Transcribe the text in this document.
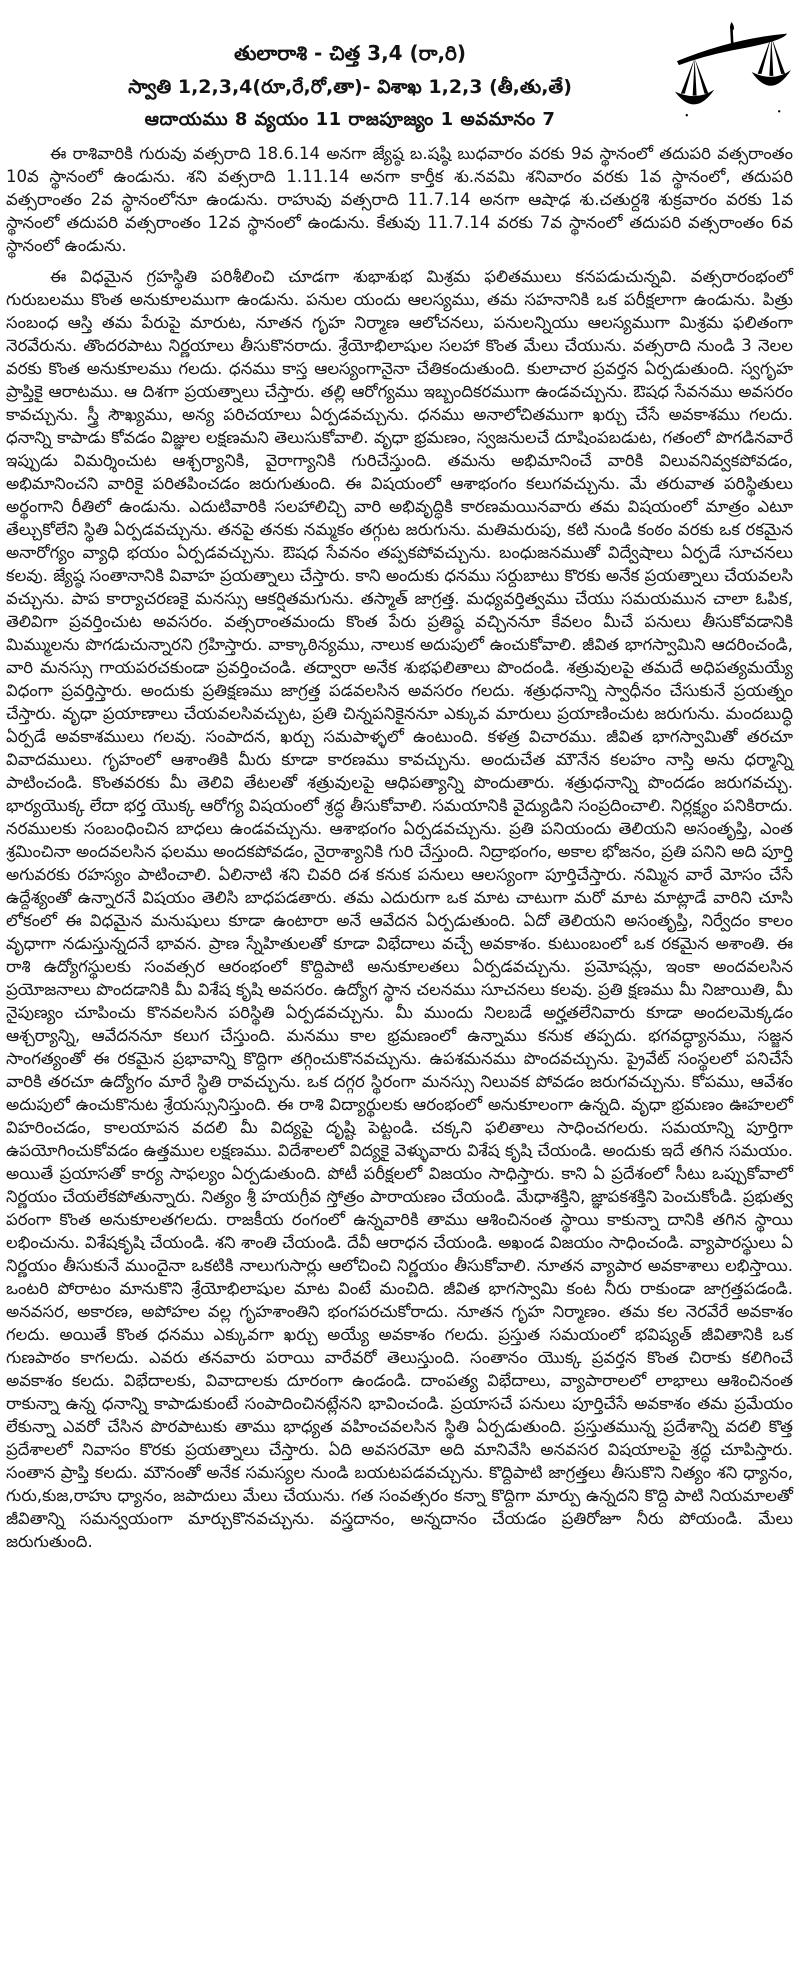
తులారాశి - చిత్త 3,4 (రా,రి)
స్వాతి 1,2,3,4(రూ,రే,రో,తా)- విశాఖ 1,2,3 (తీ,తు,తే)
ఆదాయము 8 వ్యయం 11 రాజపూజ్యం 1 అవమానం 7

ఈ రాశివారికి గురువు వత్సరాది 18.6.14 అనగా జ్యేష్ఠ బ.షష్ఠి బుధవారం వరకు 9వ స్థానంలో తదుపరి వత్సరాంతం 10వ స్థానంలో ఉండును. శని వత్సరాది 1.11.14 అనగా కార్తీక శు.నవమి శనివారం వరకు 1వ స్థానంలో, తదుపరి వత్సరాంతం 2వ స్థానంలోనూ ఉండును. రాహువు వత్సరాది 11.7.14 అనగా ఆషాఢ శు.చతుర్దశి శుక్రవారం వరకు 1వ స్థానంలో తదుపరి వత్సరాంతం 12వ స్థానంలో ఉండును. కేతువు 11.7.14 వరకు 7వ స్థానంలో తదుపరి వత్సరాంతం 6వ స్థానంలో ఉండును.

ఈ విధమైన గ్రహస్థితి పరిశీలించి చూడగా శుభాశుభ మిశ్రమ ఫలితములు కనపడుచున్నవి. వత్సరారంభంలో గురుబలము కొంత అనుకూలముగా ఉండును. పనుల యందు ఆలస్యము, తమ సహనానికి ఒక పరీక్షలాగా ఉండును. పిత్రు సంబంధ ఆస్తి తమ పేరుపై మారుట, నూతన గృహ నిర్మాణ ఆలోచనలు, పనులన్నియు ఆలస్యముగా మిశ్రమ ఫలితంగా నెరవేరును. తొందరపాటు నిర్ణయాలు తీసుకొనరాదు. శ్రేయోభిలాషుల సలహా కొంత మేలు చేయును. వత్సరాది నుండి 3 నెలల వరకు కొంత అనుకూలము గలదు. ధనము కాస్త ఆలస్యంగానైనా చేతికందుతుంది. కులాచార ప్రవర్తన ఏర్పడుతుంది. స్వగృహ ప్రాప్తికై ఆరాటము. ఆ దిశగా ప్రయత్నాలు చేస్తారు. తల్లి ఆరోగ్యము ఇబ్బందికరముగా ఉండవచ్చును. ఔషధ సేవనము అవసరం కావచ్చును. స్త్రీ సౌఖ్యము, అన్య పరిచయాలు ఏర్పడవచ్చును. ధనము అనాలోచితముగా ఖర్చు చేసే అవకాశము గలదు. ధనాన్ని కాపాడు కోవడం విజ్ఞుల లక్షణమని తెలుసుకోవాలి. వృధా భ్రమణం, స్వజనులచే దూషింపబడుట, గతంలో పొగడినవారే ఇప్పుడు విమర్శించుట ఆశ్చర్యానికి, వైరాగ్యానికి గురిచేస్తుంది. తమను అభిమానించే వారికి విలువనివ్వకపోవడం, అభిమానించని వారికై పరితపించడం జరుగుతుంది. ఈ విషయంలో ఆశాభంగం కలుగవచ్చును. మే తరువాత పరిస్థితులు అర్థంగాని రీతిలో ఉండును. ఎదుటివారికి సలహాలిచ్చి వారి అభివృద్ధికి కారణమయినవారు తమ విషయంలో మాత్రం ఎటూ తేల్చుకోలేని స్థితి ఏర్పడవచ్చును. తనపై తనకు నమ్మకం తగ్గుట జరుగును. మతిమరుపు, కటి నుండి కంఠం వరకు ఒక రకమైన అనారోగ్యం వ్యాధి భయం ఏర్పడవచ్చును. ఔషధ సేవనం తప్పకపోవచ్చును. బంధుజనముతో విద్వేషాలు ఏర్పడే సూచనలు కలవు. జ్యేష్ఠ సంతానానికి వివాహ ప్రయత్నాలు చేస్తారు. కాని అందుకు ధనము సర్దుబాటు కొరకు అనేక ప్రయత్నాలు చేయవలసి వచ్చును. పాప కార్యాచరణకై మనస్సు ఆకర్షితమగును. తస్మాత్ జాగ్రత్త. మధ్యవర్తిత్వము చేయు సమయమున చాలా ఓపిక, తెలివిగా ప్రవర్తించుట అవసరం. వత్సరాంతమందు కొంత పేరు ప్రతిష్ఠ వచ్చిననూ కేవలం మీచే పనులు తీసుకోవడానికి మిమ్ములను పొగడుచున్నారని గ్రహిస్తారు. వాక్కాఠిన్యము, నాలుక అదుపులో ఉంచుకోవాలి. జీవిత భాగస్వామిని ఆదరించండి, వారి మనస్సు గాయపరచకుండా ప్రవర్తించండి. తద్వారా అనేక శుభఫలితాలు పొందండి. శత్రువులపై తమదే అధిపత్యమయ్యే విధంగా ప్రవర్తిస్తారు. అందుకు ప్రతిక్షణము జాగ్రత్త పడవలసిన అవసరం గలదు. శత్రుధనాన్ని స్వాధీనం చేసుకునే ప్రయత్నం చేస్తారు. వృధా ప్రయాణాలు చేయవలసివచ్చుట, ప్రతి చిన్నపనికైననూ ఎక్కువ మారులు ప్రయాణించుట జరుగును. మందబుద్ధి ఏర్పడే అవకాశములు గలవు. సంపాదన, ఖర్చు సమపాళ్ళలో ఉంటుంది. కళత్ర విచారము. జీవిత భాగస్వామితో తరచూ వివాదములు. గృహంలో ఆశాంతికి మీరు కూడా కారణము కావచ్చును. అందుచేత మౌనేన కలహం నాస్తి అను ధర్మాన్ని పాటించండి. కొంతవరకు మీ తెలివి తేటలతో శత్రువులపై ఆధిపత్యాన్ని పొందుతారు. శత్రుధనాన్ని పొందడం జరుగవచ్చు. భార్యయొక్క లేదా భర్త యొక్క ఆరోగ్య విషయంలో శ్రద్ధ తీసుకోవాలి. సమయానికి వైద్యుడిని సంప్రదించాలి. నిర్లక్ష్యం పనికిరాదు. నరములకు సంబంధించిన బాధలు ఉండవచ్చును. ఆశాభంగం ఏర్పడవచ్చును. ప్రతి పనియందు తెలియని అసంతృప్తి, ఎంత శ్రమించినా అందవలసిన ఫలము అందకపోవడం, నైరాశ్యానికి గురి చేస్తుంది. నిద్రాభంగం, అకాల భోజనం, ప్రతి పనిని అది పూర్తి అగువరకు రహస్యం పాటించాలి. ఏలినాటి శని చివరి దశ కనుక పనులు ఆలస్యంగా పూర్తిచేస్తారు. నమ్మిన వారే మోసం చేసే ఉద్దేశ్యంతో ఉన్నారనే విషయం తెలిసి బాధపడతారు. తమ ఎదురుగా ఒక మాట చాటుగా మరో మాట మాట్లాడే వారిని చూసి లోకంలో ఈ విధమైన మనుషులు కూడా ఉంటారా అనే ఆవేదన ఏర్పడుతుంది. ఏదో తెలియని అసంతృప్తి, నిర్వేదం కాలం వృధాగా నడుస్తున్నదనే భావన. ప్రాణ స్నేహితులతో కూడా విభేదాలు వచ్చే అవకాశం. కుటుంబంలో ఒక రకమైన అశాంతి. ఈ రాశి ఉద్యోగస్థులకు సంవత్సర ఆరంభంలో కొద్దిపాటి అనుకూలతలు ఏర్పడవచ్చును. ప్రమోషన్లు, ఇంకా అందవలసిన ప్రయోజనాలు పొందడానికి మీ విశేష కృషి అవసరం. ఉద్యోగ స్థాన చలనము సూచనలు కలవు. ప్రతి క్షణము మీ నిజాయితి, మీ నైపుణ్యం చూపించు కొనవలసిన పరిస్థితి ఏర్పడవచ్చును. మీ ముందు నిలబడే అర్హతలేనివారు కూడా అందలమెక్కడం ఆశ్చర్యాన్ని, ఆవేదననూ కలుగ చేస్తుంది. మనము కాల భ్రమణంలో ఉన్నాము కనుక తప్పదు. భగవద్ధ్యానము, సజ్జన సాంగత్యంతో ఈ రకమైన ప్రభావాన్ని కొద్దిగా తగ్గించుకొనవచ్చును. ఉపశమనము పొందవచ్చును. ప్రైవేట్ సంస్థలలో పనిచేసే వారికి తరచూ ఉద్యోగం మారే స్థితి రావచ్చును. ఒక దగ్గర స్థిరంగా మనస్సు నిలువక పోవడం జరుగవచ్చును. కోపము, ఆవేశం అదుపులో ఉంచుకొనుట శ్రేయస్సునిస్తుంది. ఈ రాశి విద్యార్థులకు ఆరంభంలో అనుకూలంగా ఉన్నది. వృధా భ్రమణం ఊహలలో విహరించడం, కాలయాపన వదలి మీ విద్యపై దృష్టి పెట్టండి. చక్కని ఫలితాలు సాధించగలరు. సమయాన్ని పూర్తిగా ఉపయోగించుకోవడం ఉత్తముల లక్షణము. విదేశాలలో విద్యకై వెళ్ళువారు విశేష కృషి చేయండి. అందుకు ఇదే తగిన సమయం. అయితే ప్రయాసతో కార్య సాఫల్యం ఏర్పడుతుంది. పోటీ పరీక్షలలో విజయం సాధిస్తారు. కాని ఏ ప్రదేశంలో సీటు ఒప్పుకోవాలో నిర్ణయం చేయలేకపోతున్నారు. నిత్యం శ్రీ హయగ్రీవ స్తోత్రం పారాయణం చేయండి. మేధాశక్తిని, జ్ఞాపకశక్తిని పెంచుకోండి. ప్రభుత్వ పరంగా కొంత అనుకూలతగలదు. రాజకీయ రంగంలో ఉన్నవారికి తాము ఆశించినంత స్థాయి కాకున్నా దానికి తగిన స్థాయి లభించును. విశేషకృషి చేయండి. శని శాంతి చేయండి. దేవీ ఆరాధన చేయండి. అఖండ విజయం సాధించండి. వ్యాపారస్థులు ఏ నిర్ణయం తీసుకునే ముందైనా ఒకటికి నాలుగుసార్లు ఆలోచించి నిర్ణయం తీసుకోవాలి. నూతన వ్యాపార అవకాశాలు లభిస్తాయి. ఒంటరి పోరాటం మానుకొని శ్రేయోభిలాషుల మాట వింటే మంచిది. జీవిత భాగస్వామి కంట నీరు రాకుండా జాగ్రత్తపడండి. అనవసర, అకారణ, అపోహల వల్ల గృహశాంతిని భంగపరచుకోరాదు. నూతన గృహ నిర్మాణం. తమ కల నెరవేరే అవకాశం గలదు. అయితే కొంత ధనము ఎక్కువగా ఖర్చు అయ్యే అవకాశం గలదు. ప్రస్తుత సమయంలో భవిష్యత్ జీవితానికి ఒక గుణపాఠం కాగలదు. ఎవరు తనవారు పరాయి వారేవరో తెలుస్తుంది. సంతానం యొక్క ప్రవర్తన కొంత చిరాకు కలిగించే అవకాశం కలదు. విభేదాలకు, వివాదాలకు దూరంగా ఉండండి. దాంపత్య విభేదాలు, వ్యాపారాలలో లాభాలు ఆశించినంత రాకున్నా ఉన్న ధనాన్ని కాపాడుకుంటే సంపాదించినట్లేనని భావించండి. ప్రయాసచే పనులు పూర్తిచేసే అవకాశం తమ ప్రమేయం లేకున్నా ఎవరో చేసిన పొరపాటుకు తాము భాధ్యత వహించవలసిన స్థితి ఏర్పడుతుంది. ప్రస్తుతమున్న ప్రదేశాన్ని వదలి కొత్త ప్రదేశాలలో నివాసం కొరకు ప్రయత్నాలు చేస్తారు. ఏది అవసరమో అది మానివేసి అనవసర విషయాలపై శ్రద్ధ చూపిస్తారు. సంతాన ప్రాప్తి కలదు. మౌనంతో అనేక సమస్యల నుండి బయటపడవచ్చును. కొద్దిపాటి జాగ్రత్తలు తీసుకొని నిత్యం శని ధ్యానం, గురు,కుజ,రాహు ధ్యానం, జపాదులు మేలు చేయును. గత సంవత్సరం కన్నా కొద్దిగా మార్పు ఉన్నదని కొద్ది పాటి నియమాలతో జీవితాన్ని సమన్వయంగా మార్చుకొనవచ్చును. వస్త్రదానం, అన్నదానం చేయడం ప్రతిరోజూ నీరు పోయండి. మేలు జరుగుతుంది.
